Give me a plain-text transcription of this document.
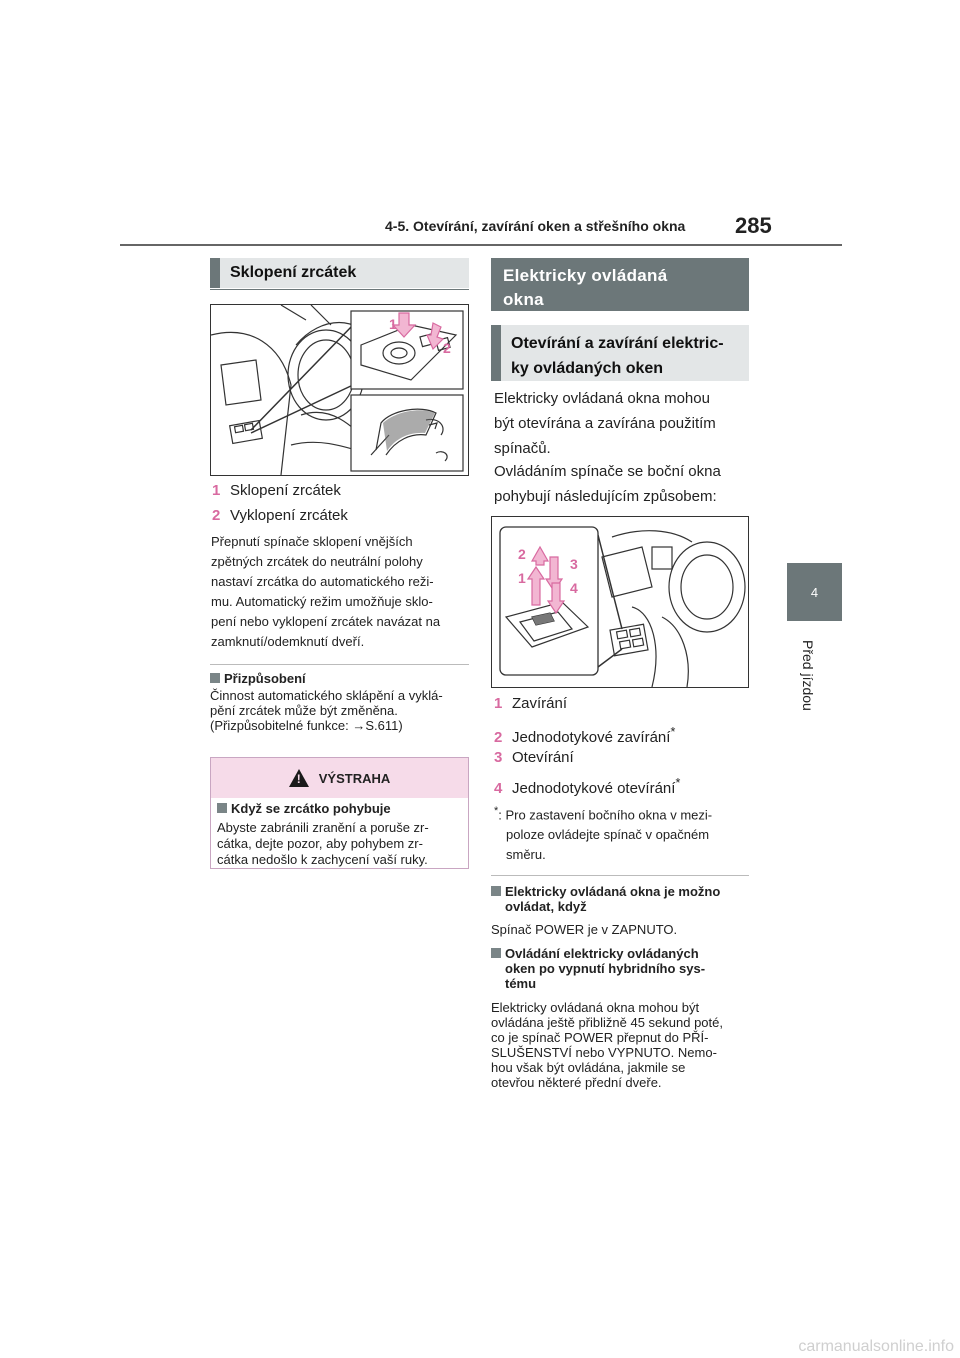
4-5. Otevírání, zavírání oken a střešního okna 285
4
Před jízdou
Sklopení zrcátek
1
2
1 Sklopení zrcátek
2 Vyklopení zrcátek
Přepnutí spínače sklopení vnějších
zpětných zrcátek do neutrální polohy
nastaví zrcátka do automatického reži-
mu. Automatický režim umožňuje sklo-
pení nebo vyklopení zrcátek navázat na
zamknutí/odemknutí dveří.
Přizpůsobení
Činnost automatického sklápění a vyklá-
pění zrcátek může být změněna.
(Přizpůsobitelné funkce: →S.611)
! VÝSTRAHA
Když se zrcátko pohybuje
Abyste zabránili zranění a poruše zr-
cátka, dejte pozor, aby pohybem zr-
cátka nedošlo k zachycení vaší ruky.
Elektricky ovládaná
okna
Otevírání a zavírání elektric-
ky ovládaných oken
Elektricky ovládaná okna mohou
být otevírána a zavírána použitím
spínačů.
Ovládáním spínače se boční okna
pohybují následujícím způsobem:
2
3
1
4
1 Zavírání
2 Jednodotykové zavírání*
3 Otevírání
4 Jednodotykové otevírání*
*: Pro zastavení bočního okna v mezi-
poloze ovládejte spínač v opačném
směru.
Elektricky ovládaná okna je možno
ovládat, když
Spínač POWER je v ZAPNUTO.
Ovládání elektricky ovládaných
oken po vypnutí hybridního sys-
tému
Elektricky ovládaná okna mohou být
ovládána ještě přibližně 45 sekund poté,
co je spínač POWER přepnut do PŘÍ-
SLUŠENSTVÍ nebo VYPNUTO. Nemo-
hou však být ovládána, jakmile se
otevřou některé přední dveře.
carmanualsonline.info
